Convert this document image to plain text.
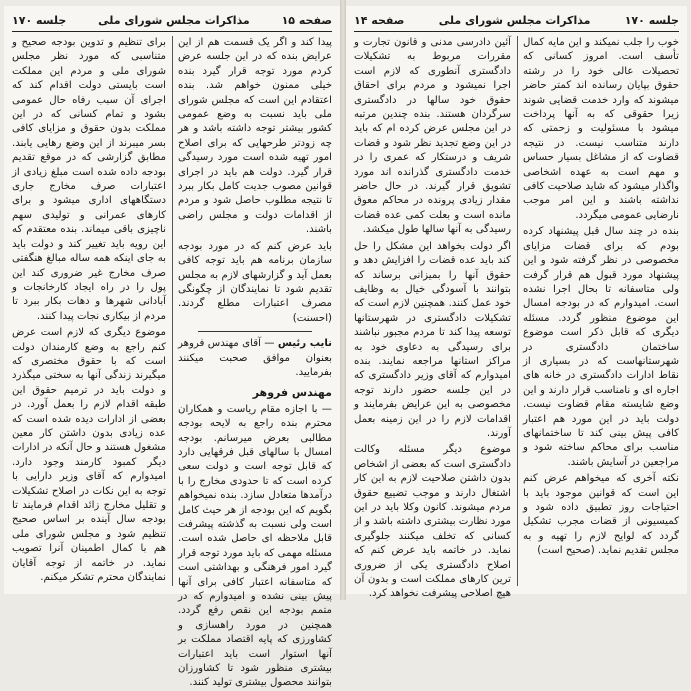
صفحه ۱۵
مذاکرات مجلس شورای ملی
جلسه ۱۷۰

برای تنظیم و تدوین بودجه صحیح و متناسبی که مورد نظر مجلس شورای ملی و مردم این مملکت است بایستی دولت اقدام کند که اجرای آن سبب رفاه حال عمومی بشود و تمام کسانی که در این مملکت بدون حقوق و مزایای کافی بسر میبرند از این وضع رهایی یابند. مطابق گزارشی که در موقع تقدیم بودجه داده شده است مبلغ زیادی از اعتبارات صرف مخارج جاری دستگاههای اداری میشود و برای کارهای عمرانی و تولیدی سهم ناچیزی باقی میماند. بنده معتقدم که این رویه باید تغییر کند و دولت باید به جای اینکه همه ساله مبالغ هنگفتی صرف مخارج غیر ضروری کند این پول را در راه ایجاد کارخانجات و آبادانی شهرها و دهات بکار ببرد تا مردم از بیکاری نجات پیدا کنند.

موضوع دیگری که لازم است عرض کنم راجع به وضع کارمندان دولت است که با حقوق مختصری که میگیرند زندگی آنها به سختی میگذرد و دولت باید در ترمیم حقوق این طبقه اقدام لازم را بعمل آورد. در بعضی از ادارات دیده شده است که عده زیادی بدون داشتن کار معین مشغول هستند و حال آنکه در ادارات دیگر کمبود کارمند وجود دارد. امیدوارم که آقای وزیر دارایی با توجه به این نکات در اصلاح تشکیلات و تقلیل مخارج زائد اقدام فرمایند تا بودجه سال آینده بر اساس صحیح تنظیم شود و مجلس شورای ملی هم با کمال اطمینان آنرا تصویب نماید. در خاتمه از توجه آقایان نمایندگان محترم تشکر میکنم.

پیدا کند و اگر یک قسمت هم از این عرایض بنده که در این جلسه عرض کردم مورد توجه قرار گیرد بنده خیلی ممنون خواهم شد. بنده اعتقادم این است که مجلس شورای ملی باید نسبت به وضع عمومی کشور بیشتر توجه داشته باشد و هر چه زودتر طرحهایی که برای اصلاح امور تهیه شده است مورد رسیدگی قرار گیرد. دولت هم باید در اجرای قوانین مصوب جدیت کامل بکار ببرد تا نتیجه مطلوب حاصل شود و مردم از اقدامات دولت و مجلس راضی باشند.

باید عرض کنم که در مورد بودجه سازمان برنامه هم باید توجه کافی بعمل آید و گزارشهای لازم به مجلس تقدیم شود تا نمایندگان از چگونگی مصرف اعتبارات مطلع گردند. (احسنت)

نایب رئیس — آقای مهندس فروهر بعنوان موافق صحبت میکنند بفرمایید.

مهندس فروهر

— با اجازه مقام ریاست و همکاران محترم بنده راجع به لایحه بودجه مطالبی بعرض میرسانم. بودجه امسال با سالهای قبل فرقهایی دارد که قابل توجه است و دولت سعی کرده است که تا حدودی مخارج را با درآمدها متعادل سازد. بنده نمیخواهم بگویم که این بودجه از هر حیث کامل است ولی نسبت به گذشته پیشرفت قابل ملاحظه ای حاصل شده است. مسئله مهمی که باید مورد توجه قرار گیرد امور فرهنگی و بهداشتی است که متاسفانه اعتبار کافی برای آنها پیش بینی نشده و امیدوارم که در متمم بودجه این نقص رفع گردد. همچنین در مورد راهسازی و کشاورزی که پایه اقتصاد مملکت بر آنها استوار است باید اعتبارات بیشتری منظور شود تا کشاورزان بتوانند محصول بیشتری تولید کنند.

جلسه ۱۷۰
مذاکرات مجلس شورای ملی
صفحه ۱۴

آئین دادرسی مدنی و قانون تجارت و مقررات مربوط به تشکیلات دادگستری آنطوری که لازم است اجرا نمیشود و مردم برای احقاق حقوق خود سالها در دادگستری سرگردان هستند. بنده چندین مرتبه در این مجلس عرض کرده ام که باید در این وضع تجدید نظر شود و قضات شریف و درستکار که عمری را در خدمت دادگستری گذرانده اند مورد تشویق قرار گیرند. در حال حاضر مقدار زیادی پرونده در محاکم معوق مانده است و بعلت کمی عده قضات رسیدگی به آنها سالها طول میکشد.

اگر دولت بخواهد این مشکل را حل کند باید عده قضات را افزایش دهد و حقوق آنها را بمیزانی برساند که بتوانند با آسودگی خیال به وظایف خود عمل کنند. همچنین لازم است که تشکیلات دادگستری در شهرستانها توسعه پیدا کند تا مردم مجبور نباشند برای رسیدگی به دعاوی خود به مراکز استانها مراجعه نمایند. بنده امیدوارم که آقای وزیر دادگستری که در این جلسه حضور دارند توجه مخصوصی به این عرایض بفرمایند و اقدامات لازم را در این زمینه بعمل آورند.

موضوع دیگر مسئله وکالت دادگستری است که بعضی از اشخاص بدون داشتن صلاحیت لازم به این کار اشتغال دارند و موجب تضییع حقوق مردم میشوند. کانون وکلا باید در این مورد نظارت بیشتری داشته باشد و از کسانی که تخلف میکنند جلوگیری نماید. در خاتمه باید عرض کنم که اصلاح دادگستری یکی از ضروری ترین کارهای مملکت است و بدون آن هیچ اصلاحی پیشرفت نخواهد کرد.

خوب را جلب نمیکند و این مایه کمال تأسف است. امروز کسانی که تحصیلات عالی خود را در رشته حقوق بپایان رسانده اند کمتر حاضر میشوند که وارد خدمت قضایی شوند زیرا حقوقی که به آنها پرداخت میشود با مسئولیت و زحمتی که دارند متناسب نیست. در نتیجه قضاوت که از مشاغل بسیار حساس و مهم است به عهده اشخاصی واگذار میشود که شاید صلاحیت کافی نداشته باشند و این امر موجب نارضایی عمومی میگردد.

بنده در چند سال قبل پیشنهاد کرده بودم که برای قضات مزایای مخصوصی در نظر گرفته شود و این پیشنهاد مورد قبول هم قرار گرفت ولی متاسفانه تا بحال اجرا نشده است. امیدوارم که در بودجه امسال این موضوع منظور گردد. مسئله دیگری که قابل ذکر است موضوع ساختمان دادگستری در شهرستانهاست که در بسیاری از نقاط ادارات دادگستری در خانه های اجاره ای و نامناسب قرار دارند و این وضع شایسته مقام قضاوت نیست. دولت باید در این مورد هم اعتبار کافی پیش بینی کند تا ساختمانهای مناسب برای محاکم ساخته شود و مراجعین در آسایش باشند.

نکته آخری که میخواهم عرض کنم این است که قوانین موجود باید با احتیاجات روز تطبیق داده شود و کمیسیونی از قضات مجرب تشکیل گردد که لوایح لازم را تهیه و به مجلس تقدیم نماید. (صحیح است)
